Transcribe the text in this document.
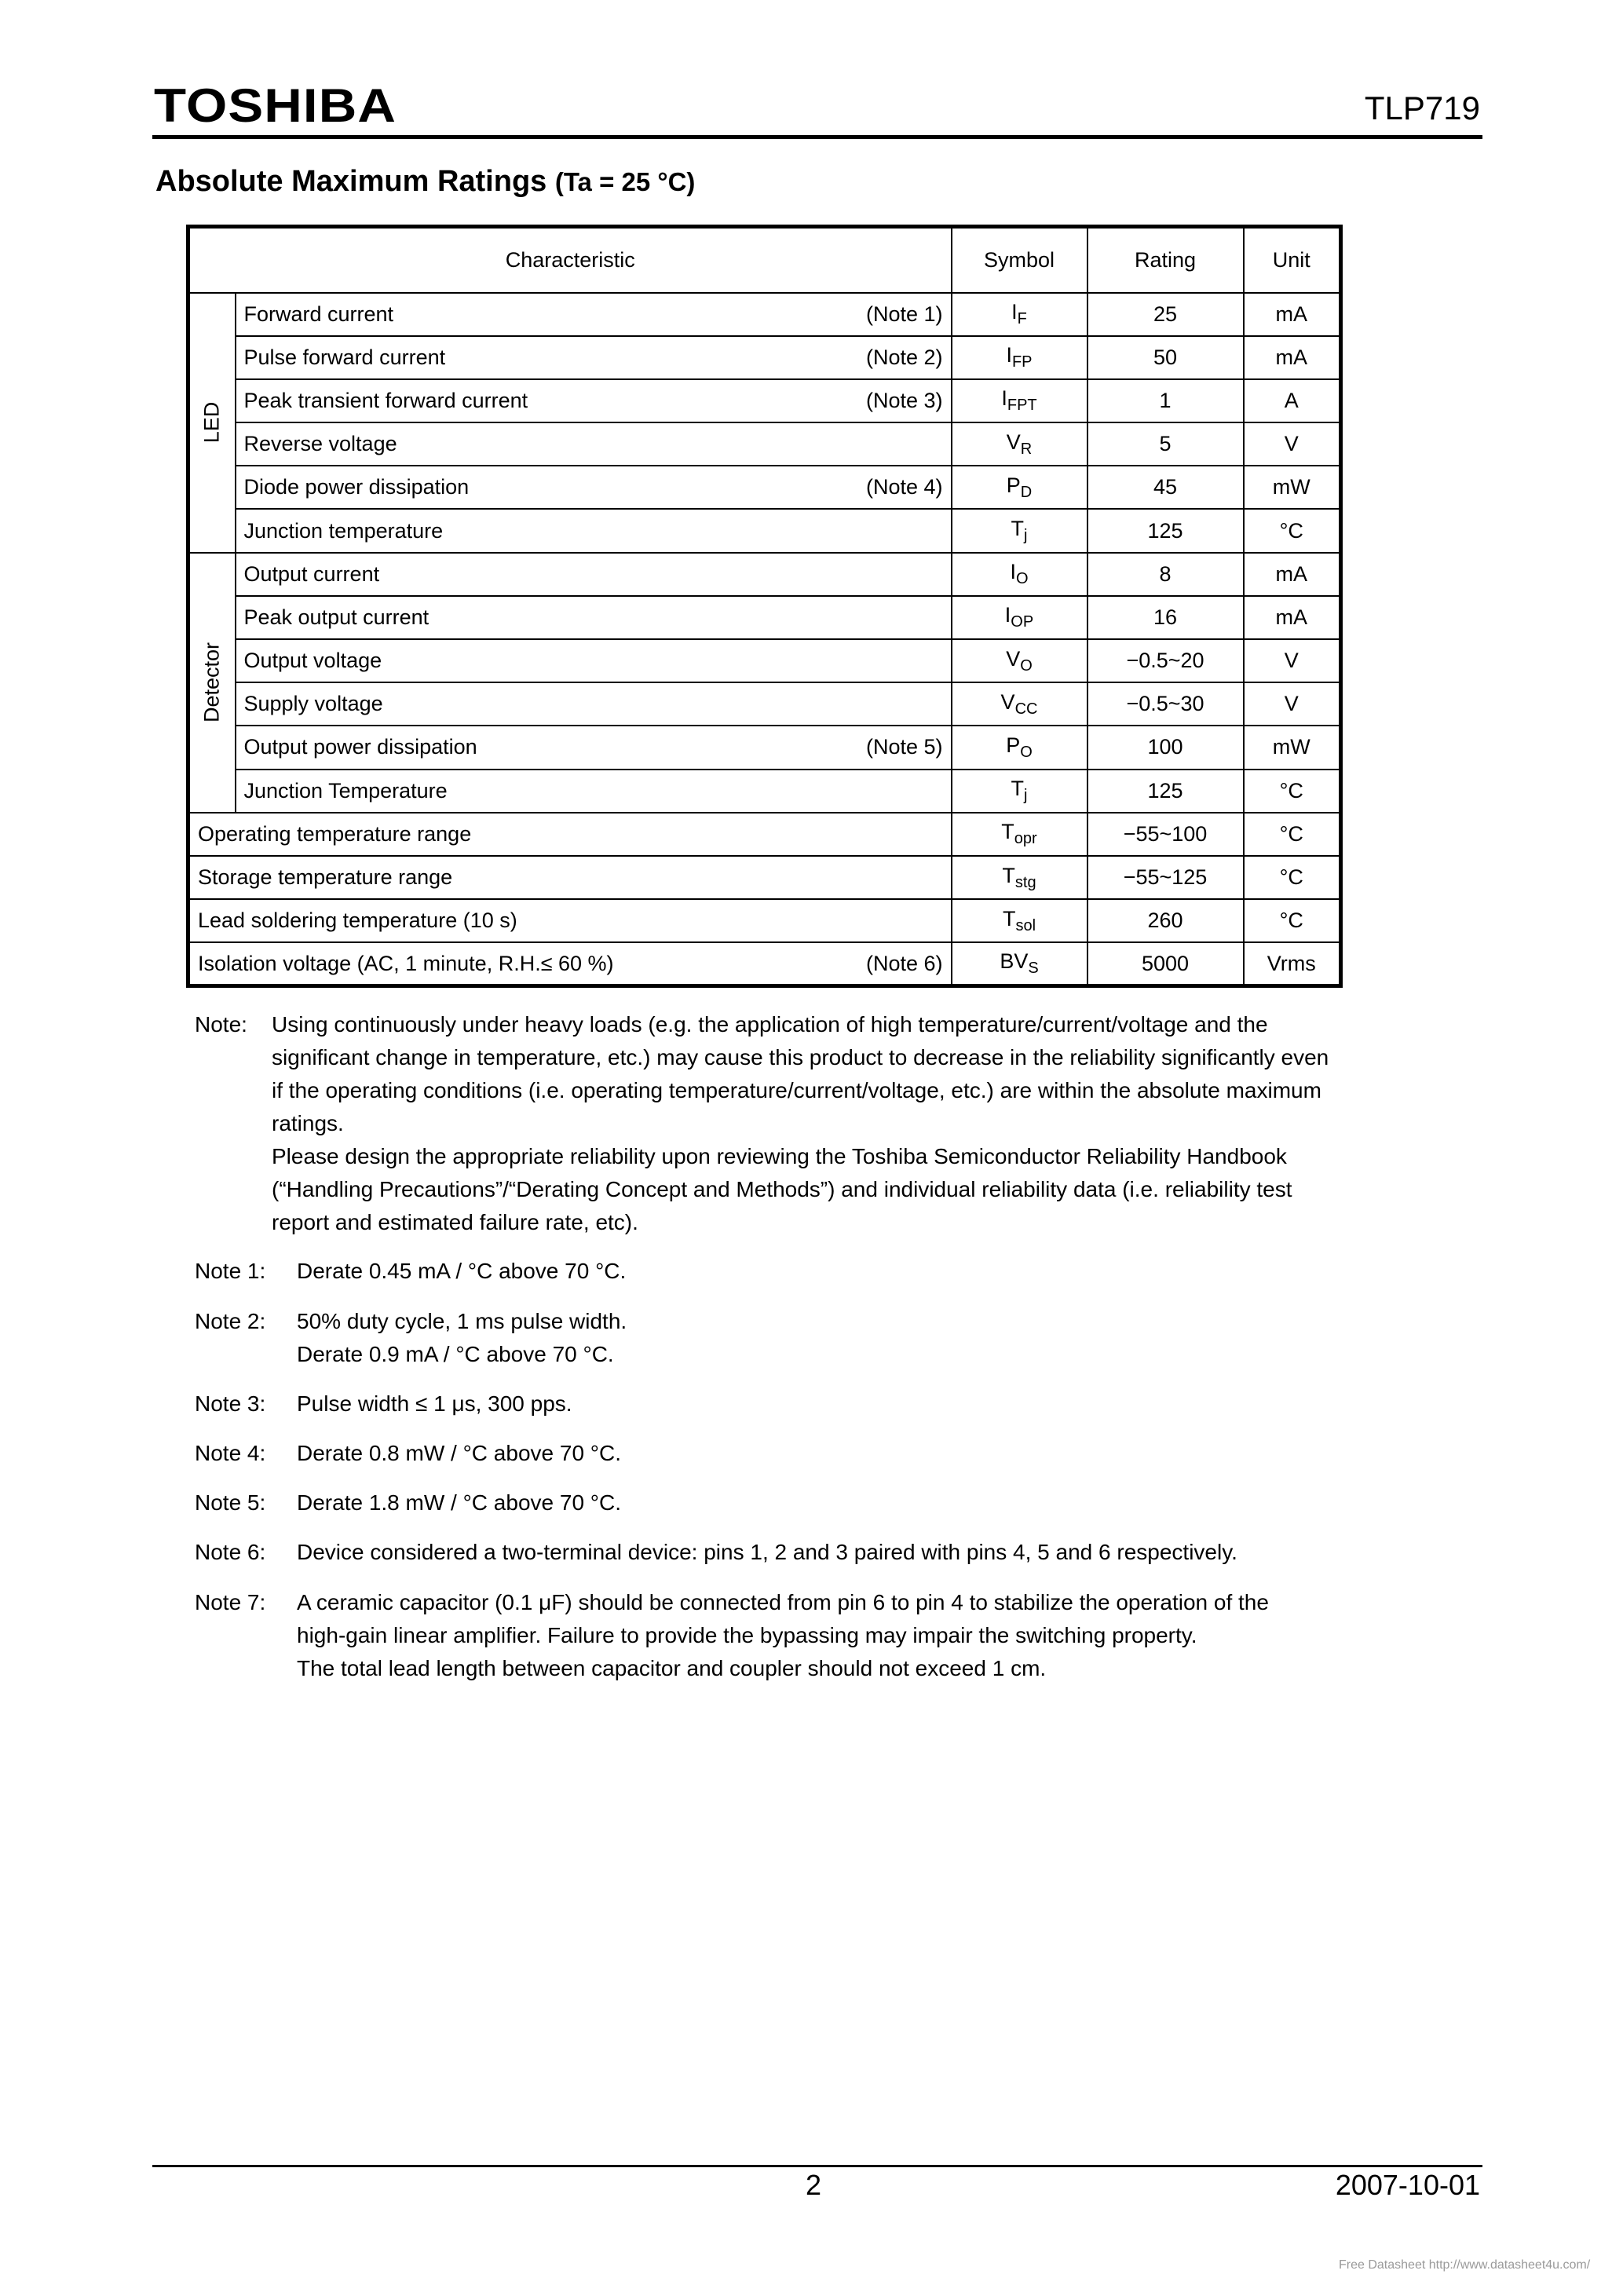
TOSHIBA	TLP719
Absolute Maximum Ratings (Ta = 25 °C)
Characteristic		Symbol	Rating	Unit

LED	Forward current (Note 1)	$I_F$	25	mA
	Pulse forward current (Note 2)	$I_{FP}$	50	mA
	Peak transient forward current (Note 3)	$I_{FPT}$	1	A
	Reverse voltage	$V_R$	5	V
	Diode power dissipation (Note 4)	$P_D$	45	mW
	Junction temperature	$T_j$	125	°C

Detector	Output current	$I_O$	8	mA
	Peak output current	$I_{OP}$	16	mA
	Output voltage	$V_O$	−0.5~20	V
	Supply voltage	$V_{CC}$	−0.5~30	V
	Output power dissipation (Note 5)	$P_O$	100	mW
	Junction Temperature	$T_j$	125	°C
Operating temperature range		$T_{opr}$	−55~100	°C
Storage temperature range		$T_{stg}$	−55~125	°C
Lead soldering temperature (10 s)		$T_{sol}$	260	°C
Isolation voltage (AC, 1 minute, R.H.≤ 60 %) (Note 6)		$BV_S$	5000	Vrms
Note: Using continuously under heavy loads (e.g. the application of high temperature/current/voltage and the
significant change in temperature, etc.) may cause this product to decrease in the reliability significantly even
if the operating conditions (i.e. operating temperature/current/voltage, etc.) are within the absolute maximum
ratings.
Please design the appropriate reliability upon reviewing the Toshiba Semiconductor Reliability Handbook
(“Handling Precautions”/“Derating Concept and Methods”) and individual reliability data (i.e. reliability test
report and estimated failure rate, etc).
Note 1: Derate 0.45 mA / °C above 70 °C.
Note 2: 50% duty cycle, 1 ms pulse width.
Derate 0.9 mA / °C above 70 °C.
Note 3: Pulse width ≤ 1 μs, 300 pps.
Note 4: Derate 0.8 mW / °C above 70 °C.
Note 5: Derate 1.8 mW / °C above 70 °C.
Note 6: Device considered a two-terminal device: pins 1, 2 and 3 paired with pins 4, 5 and 6 respectively.
Note 7: A ceramic capacitor (0.1 μF) should be connected from pin 6 to pin 4 to stabilize the operation of the
high-gain linear amplifier. Failure to provide the bypassing may impair the switching property.
The total lead length between capacitor and coupler should not exceed 1 cm.
2	2007-10-01
Free Datasheet http://www.datasheet4u.com/
